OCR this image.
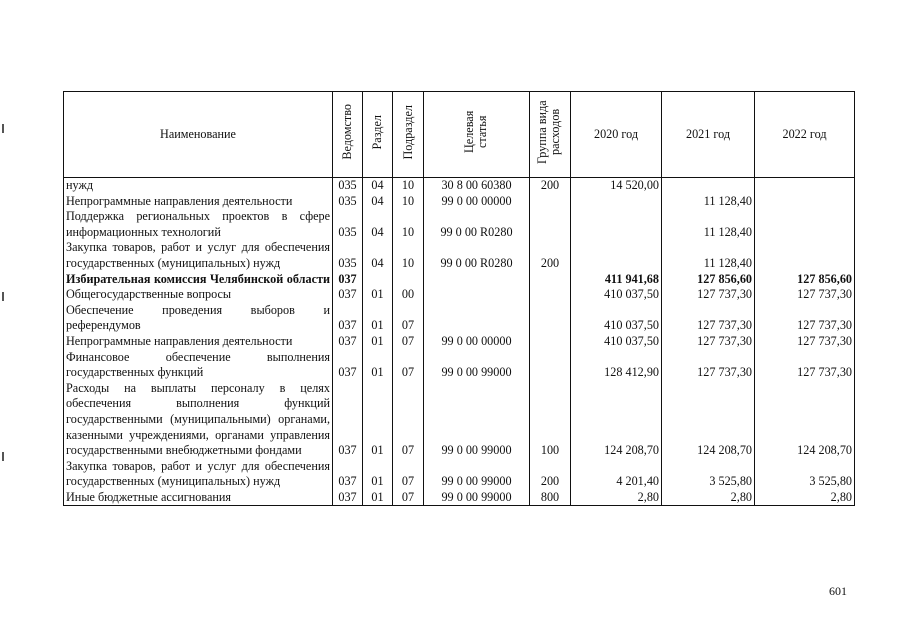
Наименование	Ведомство	Раздел	Подраздел	Целевая статья	Группа вида расходов	2020 год	2021 год	2022 год
нужд	035	04	10	30 8 00 60380	200	14 520,00		
Непрограммные направления деятельности	035	04	10	99 0 00 00000			11 128,40	
Поддержка региональных проектов в сфере информационных технологий	035	04	10	99 0 00 R0280			11 128,40	
Закупка товаров, работ и услуг для обеспечения государственных (муниципальных) нужд	035	04	10	99 0 00 R0280	200		11 128,40	
Избирательная комиссия Челябинской области	037					411 941,68	127 856,60	127 856,60
Общегосударственные вопросы	037	01	00			410 037,50	127 737,30	127 737,30
Обеспечение проведения выборов и референдумов	037	01	07			410 037,50	127 737,30	127 737,30
Непрограммные направления деятельности	037	01	07	99 0 00 00000		410 037,50	127 737,30	127 737,30
Финансовое обеспечение выполнения государственных функций	037	01	07	99 0 00 99000		128 412,90	127 737,30	127 737,30
Расходы на выплаты персоналу в целях обеспечения выполнения функций государственными (муниципальными) органами, казенными учреждениями, органами управления государственными внебюджетными фондами	037	01	07	99 0 00 99000	100	124 208,70	124 208,70	124 208,70
Закупка товаров, работ и услуг для обеспечения государственных (муниципальных) нужд	037	01	07	99 0 00 99000	200	4 201,40	3 525,80	3 525,80
Иные бюджетные ассигнования	037	01	07	99 0 00 99000	800	2,80	2,80	2,80
601
